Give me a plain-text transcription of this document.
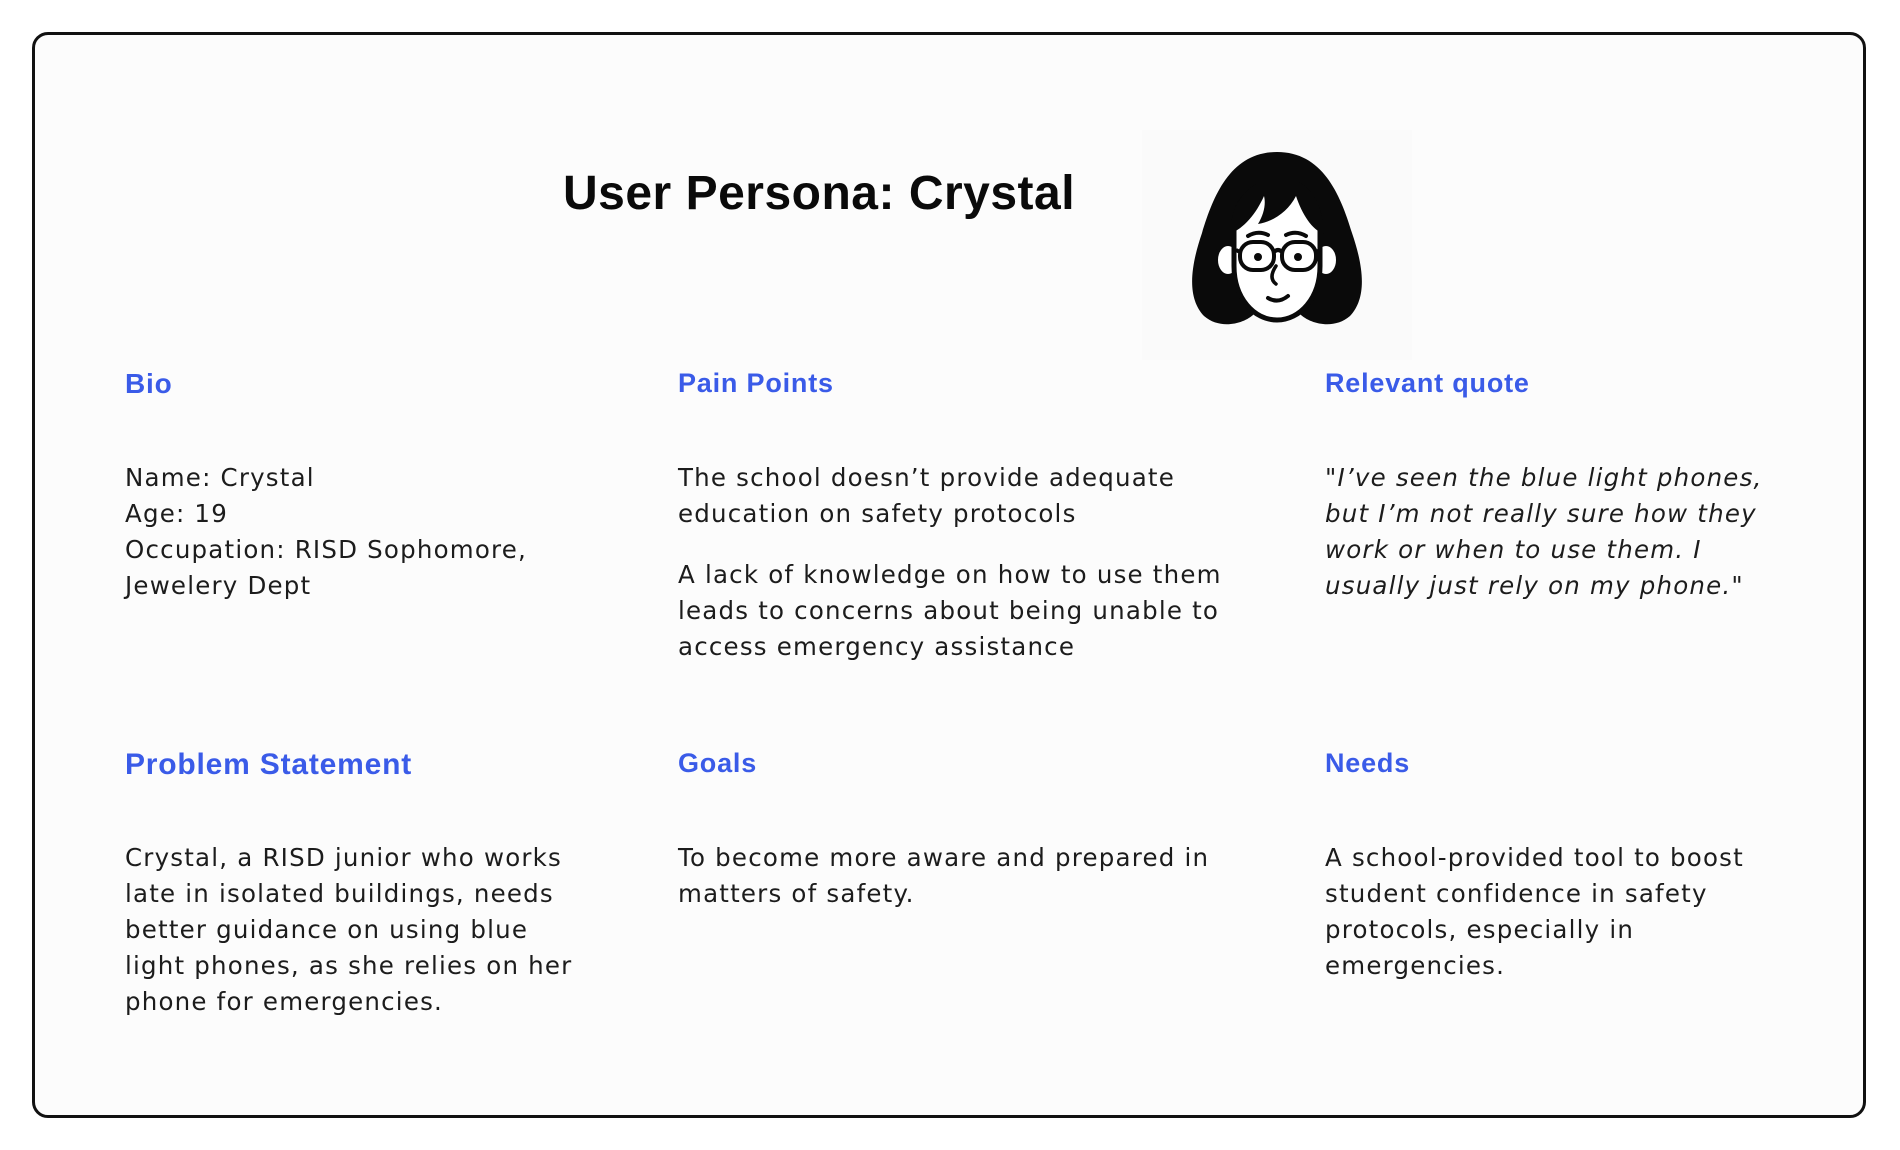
User Persona: Crystal
Bio
Name: Crystal
Age: 19
Occupation: RISD Sophomore,
Jewelery Dept
Pain Points

The school doesn’t provide adequate
education on safety protocols

A lack of knowledge on how to use them
leads to concerns about being unable to
access emergency assistance

Relevant quote
"I’ve seen the blue light phones,
but I’m not really sure how they
work or when to use them. I
usually just rely on my phone."
Problem Statement
Crystal, a RISD junior who works
late in isolated buildings, needs
better guidance on using blue
light phones, as she relies on her
phone for emergencies.
Goals
To become more aware and prepared in
matters of safety.
Needs
A school-provided tool to boost
student confidence in safety
protocols, especially in
emergencies.
